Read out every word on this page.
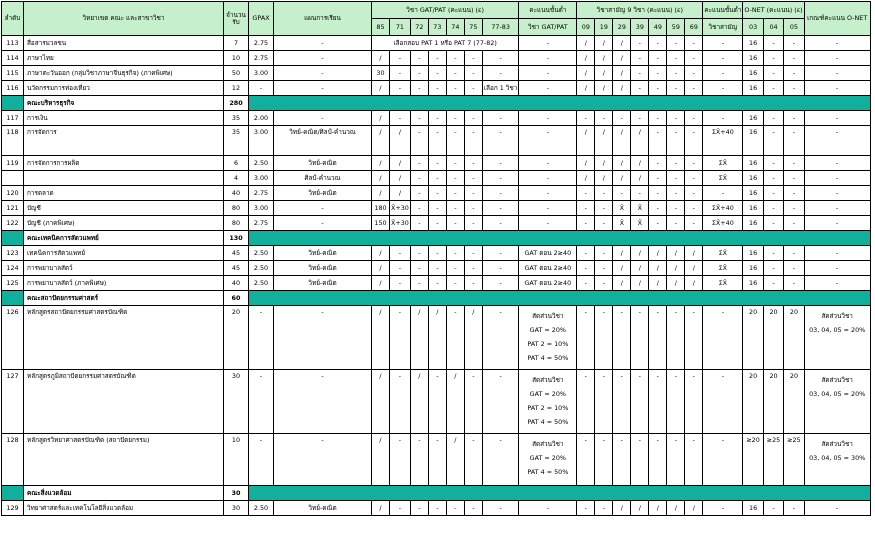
ลำดับ	วิทยาเขต คณะ และสาขาวิชา	จำนวนรับ	GPAX	แผนการเรียน	วิชา GAT/PAT (คะแนน) (ε)							คะแนนขั้นต่ำ	วิชาสามัญ 9 วิชา (คะแนน) (ε)							คะแนนขั้นต่ำ	O-NET (คะแนน) (ε)			เกณฑ์คะแนน O-NET
					85	71	72	73	74	75	77-83	วิชา GAT/PAT	09	19	29	39	49	59	69	วิชาสามัญ	03	04	05	
113	สื่อสารมวลชน	7	2.75	-	เลือกสอบ PAT 1 หรือ PAT 7 (77-82)							-	/	/	/	-	-	-	-	-	16	-	-	-
114	ภาษาไทย	10	2.75	-	/	-	-	-	-	-	-	-	/	/	/	-	-	-	-	-	16	-	-	-
115	ภาษาตะวันออก (กลุ่มวิชาภาษาจีนธุรกิจ) (ภาคพิเศษ)	50	3.00	-	30	-	-	-	-	-	-	-	/	/	/	-	-	-	-	-	16	-	-	-
116	นวัตกรรมการท่องเที่ยว	12	-	-	/	-	-	-	-	-	เลือก 1 วิชา	-	/	/	/	-	-	-	-	-	16	-	-	-
	คณะบริหารธุรกิจ	280																						
117	การเงิน	35	2.00	-	/	-	-	-	-	-	-	-	-	-	-	-	-	-	-	-	16	-	-	-
118	การจัดการ	35	3.00	วิทย์-คณิต/ศิลป์-คำนวณ	/	/	-	-	-	-	-	-	/	/	/	/	-	-	-	ΣX̄+40	16	-	-	-
119	การจัดการการผลิต	6	2.50	วิทย์-คณิต	/	/	-	-	-	-	-	-	/	/	/	/	-	-	-	ΣX̄	16	-	-	-
		4	3.00	ศิลป์-คำนวณ	/	/	-	-	-	-	-	-	/	/	/	/	-	-	-	ΣX̄	16	-	-	-
120	การตลาด	40	2.75	วิทย์-คณิต	/	/	-	-	-	-	-	-	-	-	-	-	-	-	-	-	16	-	-	-
121	บัญชี	80	3.00	-	180	X̄+30	-	-	-	-	-	-	-	-	X̄	X̄	-	-	-	ΣX̄+40	16	-	-	-
122	บัญชี (ภาคพิเศษ)	80	2.75	-	150	X̄+30	-	-	-	-	-	-	-	-	X̄	X̄	-	-	-	ΣX̄+40	16	-	-	-
	คณะเทคนิคการสัตวแพทย์	130																						
123	เทคนิคการสัตวแพทย์	45	2.50	วิทย์-คณิต	/	-	-	-	-	-	-	GAT ตอน 2≥40	-	-	/	/	/	/	/	ΣX̄	16	-	-	-
124	การพยาบาลสัตว์	45	2.50	วิทย์-คณิต	/	-	-	-	-	-	-	GAT ตอน 2≥40	-	-	/	/	/	/	/	ΣX̄	16	-	-	-
125	การพยาบาลสัตว์ (ภาคพิเศษ)	40	2.50	วิทย์-คณิต	/	-	-	-	-	-	-	GAT ตอน 2≥40	-	-	/	/	/	/	/	ΣX̄	16	-	-	-
	คณะสถาปัตยกรรมศาสตร์	60																						
126	หลักสูตรสถาปัตยกรรมศาสตรบัณฑิต	20	-	-	/	-	/	/	-	/	-	สัดส่วนวิชา
GAT = 20%
PAT 2 = 10%
PAT 4 = 50%	-	-	-	-	-	-	-	-	20	20	20	สัดส่วนวิชา
03, 04, 05 = 20%
127	หลักสูตรภูมิสถาปัตยกรรมศาสตรบัณฑิต	30	-	-	/	-	/	-	/	-	-	สัดส่วนวิชา
GAT = 20%
PAT 2 = 10%
PAT 4 = 50%	-	-	-	-	-	-	-	-	20	20	20	สัดส่วนวิชา
03, 04, 05 = 20%
128	หลักสูตรวิทยาศาสตรบัณฑิต (สถาปัตยกรรม)	10	-	-	/	-	-	-	/	-	-	สัดส่วนวิชา
GAT = 20%
PAT 4 = 50%	-	-	-	-	-	-	-	-	≥20	≥25	≥25	สัดส่วนวิชา
03, 04, 05 = 30%
	คณะสิ่งแวดล้อม	30																						
129	วิทยาศาสตร์และเทคโนโลยีสิ่งแวดล้อม	30	2.50	วิทย์-คณิต	/	-	-	-	-	-	-	-	-	-	/	/	/	/	/	-	16	-	-	-
